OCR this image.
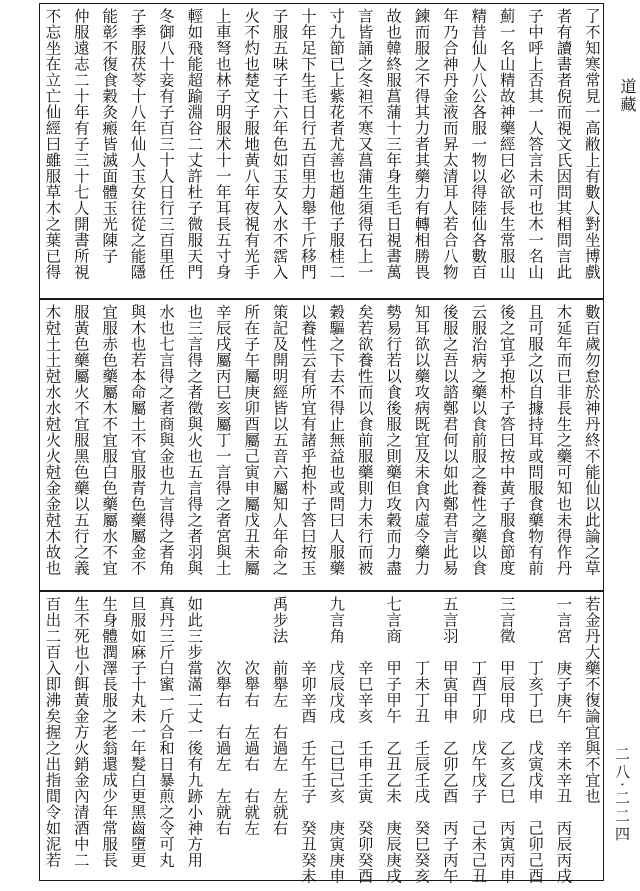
道藏
二八‧二二四
了不知寒常見一高敝上有數人對坐博戲
者有讀書者倪而視文氏因問其相問言此
子中呼上否其一人答言未可也木一名山
薊一名山精故神藥經曰必欲長生常服山
精昔仙人八公各服一物以得陸仙各數百
年乃合神丹金液而昇太清耳人若合八物
鍊而服之不得其力者其藥力有轉相勝畏
故也韓終服菖蒲十三年身生毛日視書萬
言皆誦之冬袒不寒又菖蒲生須得石上一
寸九節已上紫花者尤善也趙他子服桂二
十年足下生毛日行五百里力舉千斤移門
子服五味子十六年色如玉女入水不霑入
火不灼也楚文子服地黃八年夜視有光手
上車弩也林子明服术十一年耳長五寸身
輕如飛能超踰淵谷二丈許杜子微服天門
冬御八十妾有子百三十人日行三百里任
子季服茯苓十八年仙人玉女往從之能隱
能彰不復食穀灸瘢皆滅面體玉光陳子
仲服遠志二十年有子三十七人開書所視
不忘坐在立亡仙經曰雖服草木之葉已得
數百歲勿怠於神丹終不能仙以此論之草
木延年而已非長生之藥可知也未得作丹
且可服之以自據持耳或問服食藥物有前
後之宜乎抱朴子答曰按中黃子服食節度
云服治病之藥以食前服之養性之藥以食
後服之吾以諮鄭君何以如此鄭君言此易
知耳欲以藥攻病既宜及未食內虛令藥力
勢易行若以食後服之則藥但攻穀而力盡
矣若欲養性而以食前服藥則力未行而被
穀驅之下去不得止無益也或問曰人服藥
以養性云有所宜有諸乎抱朴子答曰按玉
策記及開明經皆以五音六屬知人年命之
所在子午屬庚卯酉屬己寅申屬戊丑未屬
辛辰戌屬丙巳亥屬丁一言得之者宮與土
也三言得之者徵與火也五言得之者羽與
水也七言得之者商與金也九言得之者角
與木也若本命屬土不宜服青色藥屬金不
宜服赤色藥屬木不宜服白色藥屬水不宜
服黃色藥屬火不宜服黑色藥以五行之義
木尅土土尅水水尅火火尅金金尅木故也
若金丹大藥不復論宜與不宜也
一言宮　庚子庚午　辛未辛丑　丙辰丙戌
　　　　丁亥丁巳　戊寅戊申　己卯己酉
三言徵　甲辰甲戌　乙亥乙巳　丙寅丙申
　　　　丁酉丁卯　戊午戊子　己未己丑
五言羽　甲寅甲申　乙卯乙酉　丙子丙午
　　　　丁未丁丑　壬辰壬戌　癸巳癸亥
七言商　甲子甲午　乙丑乙未　庚辰庚戌
　　　　辛巳辛亥　壬申壬寅　癸卯癸酉
九言角　戊辰戊戌　己巳己亥　庚寅庚申
　　　　辛卯辛酉　壬午壬子　癸丑癸未
禹步法　前舉左　右過左　左就右
　　　　次舉右　左過右　右就左
　　　　次舉右　右過左　左就右
如此三步當滿二丈一後有九跡小神方用
真丹三斤白蜜一斤合和日暴煎之令可丸
旦服如麻子十丸未一年髮白更黑齒墮更
生身體潤澤長服之老翁還成少年常服長
生不死也小餌黃金方火銷金內清酒中二
百出二百入即沸矣握之出指間令如泥若
